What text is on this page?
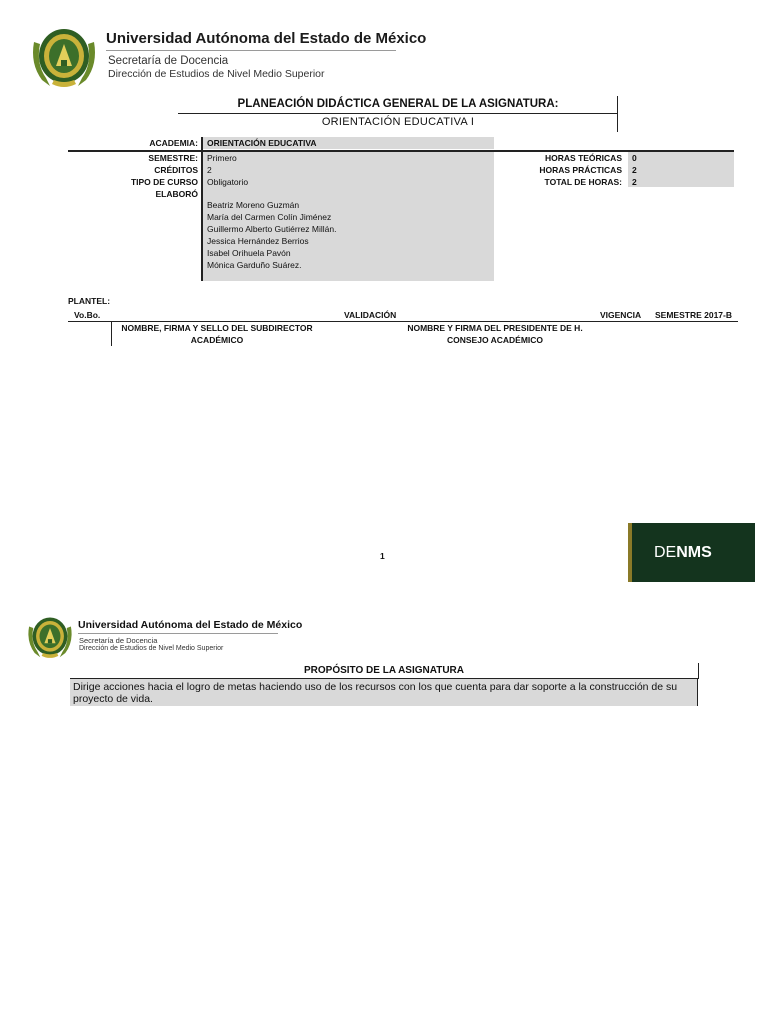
Universidad Autónoma del Estado de México
Secretaría de Docencia
Dirección de Estudios de Nivel Medio Superior
PLANEACIÓN DIDÁCTICA GENERAL DE LA ASIGNATURA:
ORIENTACIÓN EDUCATIVA I
ACADEMIA: ORIENTACIÓN EDUCATIVA
SEMESTRE: Primero
CRÉDITOS 2
TIPO DE CURSO Obligatorio
ELABORÓ
Beatriz Moreno Guzmán
María del Carmen Colín Jiménez
Guillermo Alberto Gutiérrez Millán.
Jessica Hernández Berrios
Isabel Orihuela Pavón
Mónica Garduño Suárez.
HORAS TEÓRICAS 0
HORAS PRÁCTICAS 2
TOTAL DE HORAS: 2
PLANTEL:
Vo.Bo.	VALIDACIÓN	VIGENCIA SEMESTRE 2017-B
NOMBRE, FIRMA Y SELLO DEL SUBDIRECTOR
ACADÉMICO
NOMBRE Y FIRMA DEL PRESIDENTE DE H.
CONSEJO ACADÉMICO
1	DE NMS
Universidad Autónoma del Estado de México
Secretaría de Docencia
Dirección de Estudios de Nivel Medio Superior
PROPÓSITO DE LA ASIGNATURA
Dirige acciones hacia el logro de metas haciendo uso de los recursos con los que cuenta para dar soporte a la construcción de su proyecto de vida.
